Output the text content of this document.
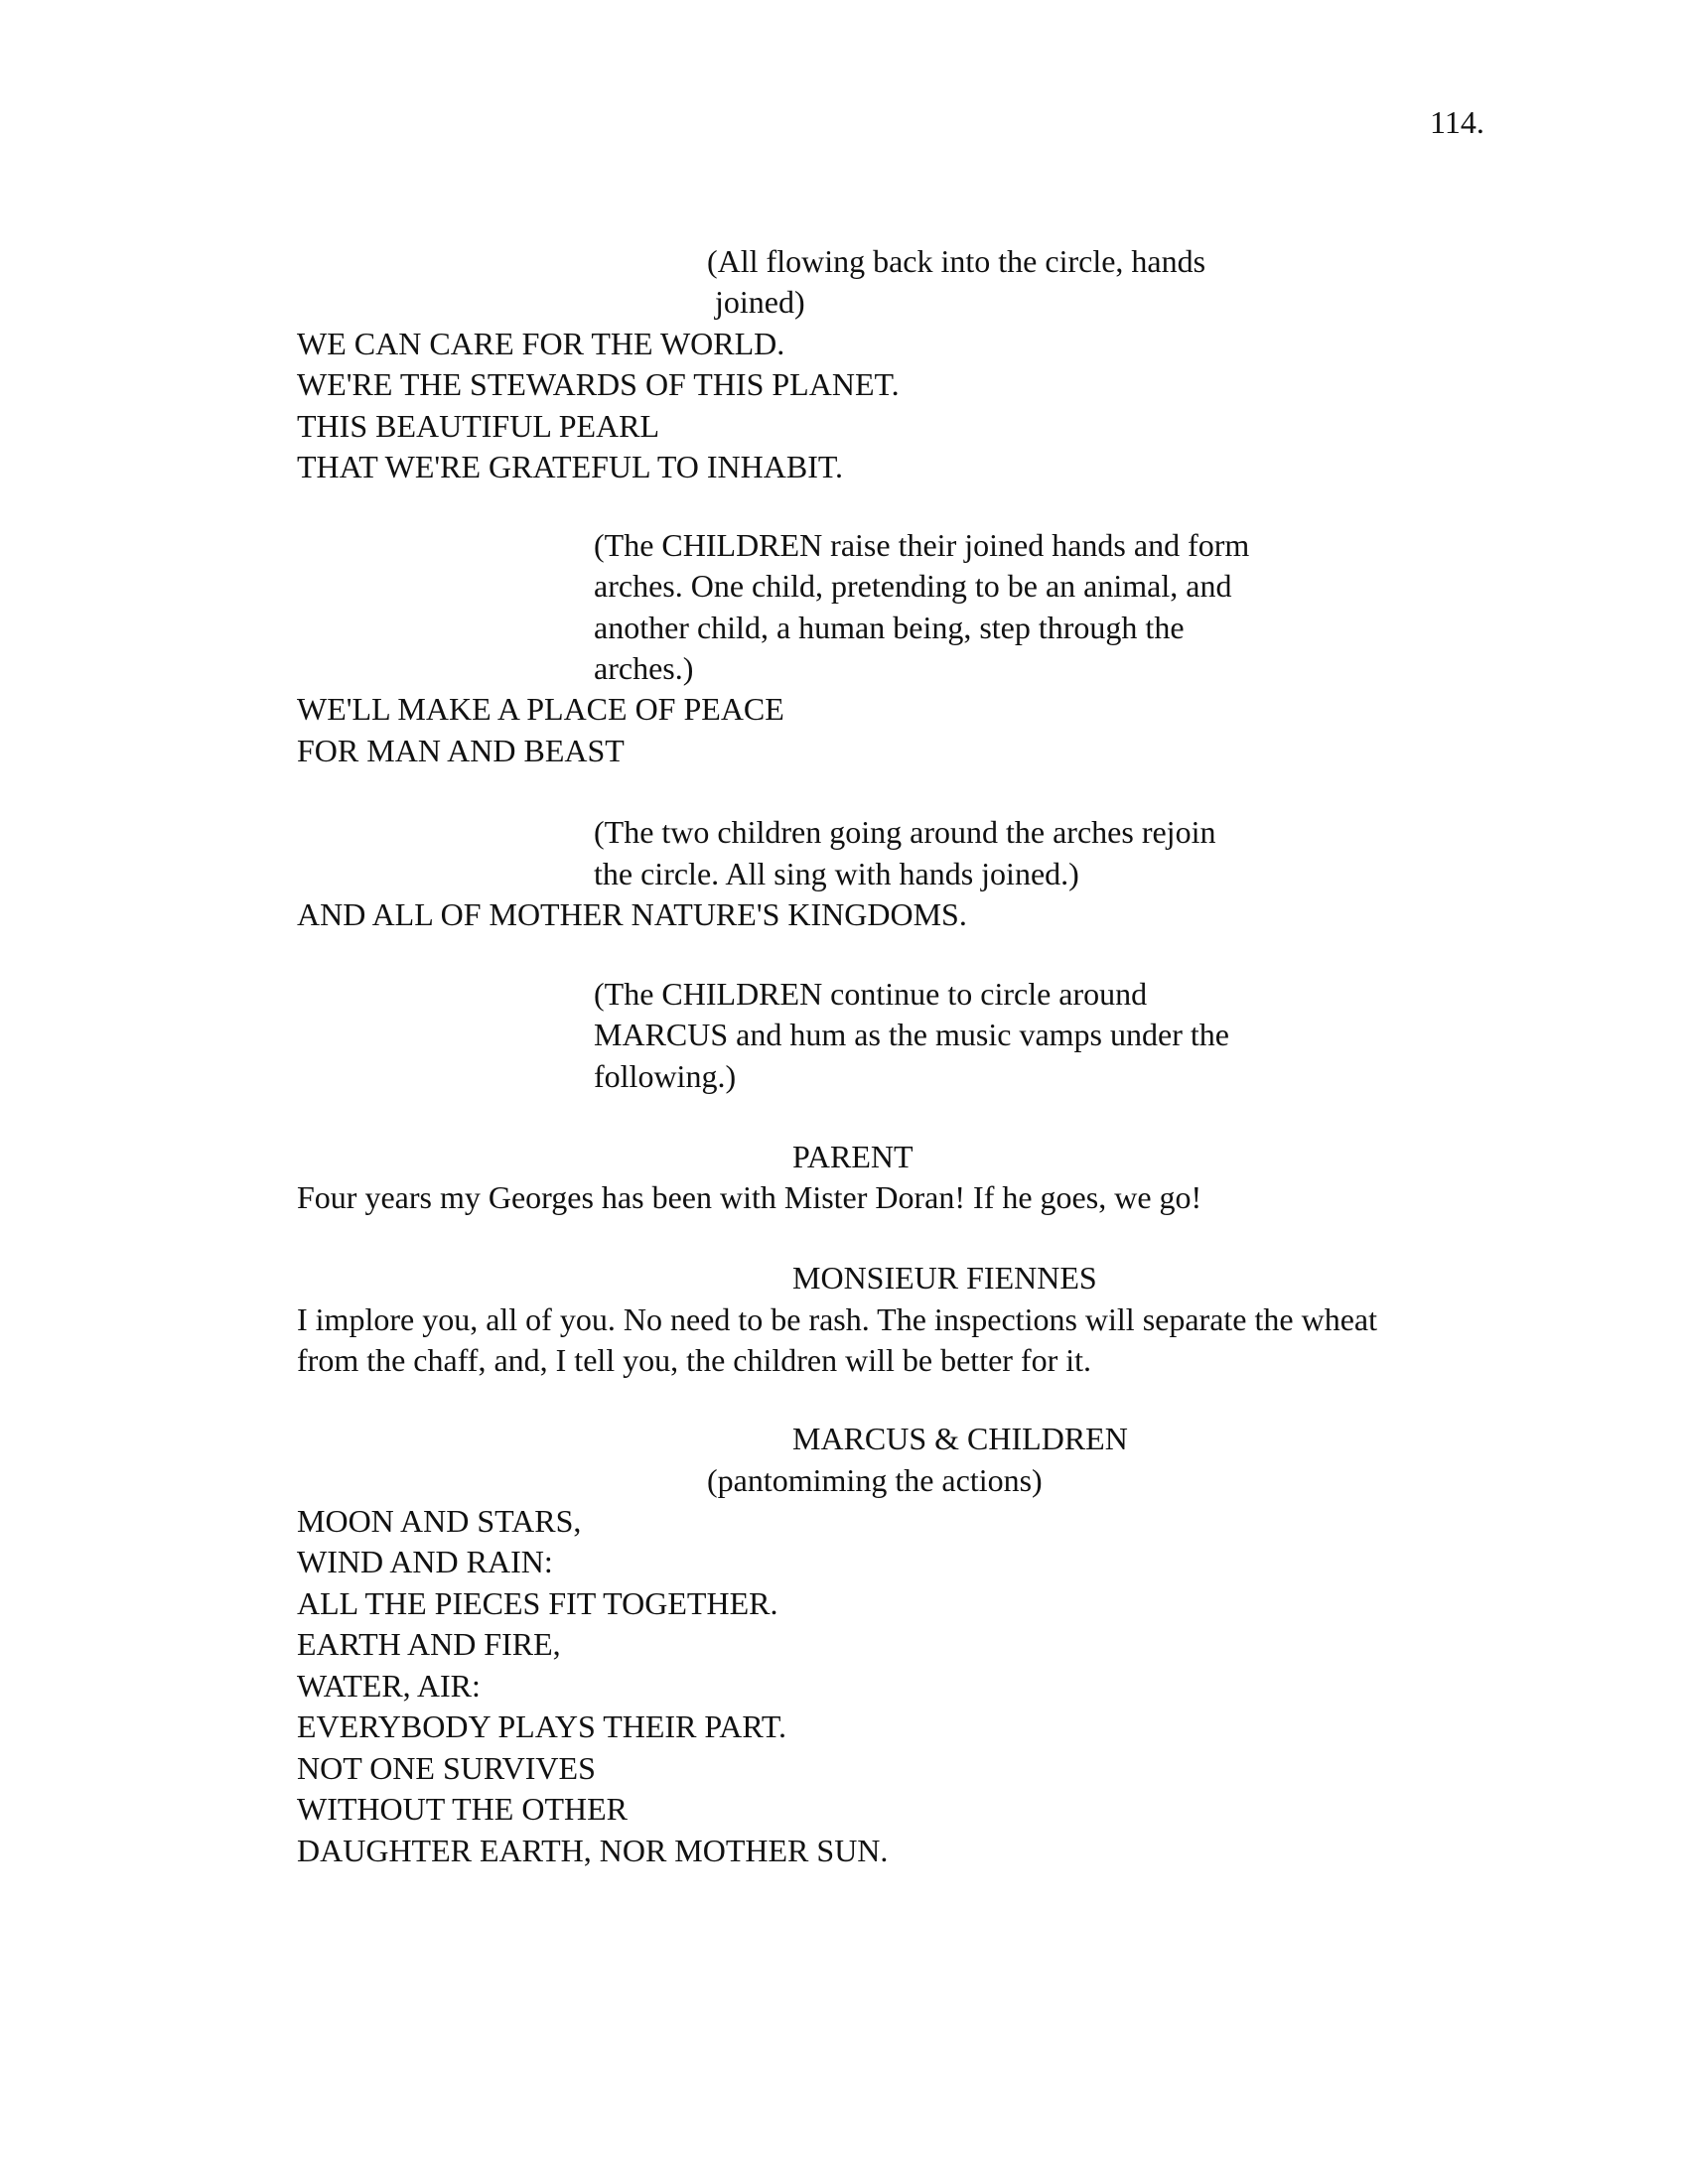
114.
(All flowing back into the circle, hands
joined)
WE CAN CARE FOR THE WORLD.
WE'RE THE STEWARDS OF THIS PLANET.
THIS BEAUTIFUL PEARL
THAT WE'RE GRATEFUL TO INHABIT.
(The CHILDREN raise their joined hands and form
arches. One child, pretending to be an animal, and
another child, a human being, step through the
arches.)
WE'LL MAKE A PLACE OF PEACE
FOR MAN AND BEAST
(The two children going around the arches rejoin
the circle. All sing with hands joined.)
AND ALL OF MOTHER NATURE'S KINGDOMS.
(The CHILDREN continue to circle around
MARCUS and hum as the music vamps under the
following.)
PARENT
Four years my Georges has been with Mister Doran! If he goes, we go!
MONSIEUR FIENNES
I implore you, all of you. No need to be rash. The inspections will separate the wheat
from the chaff, and, I tell you, the children will be better for it.
MARCUS & CHILDREN
(pantomiming the actions)
MOON AND STARS,
WIND AND RAIN:
ALL THE PIECES FIT TOGETHER.
EARTH AND FIRE,
WATER, AIR:
EVERYBODY PLAYS THEIR PART.
NOT ONE SURVIVES
WITHOUT THE OTHER
DAUGHTER EARTH, NOR MOTHER SUN.
